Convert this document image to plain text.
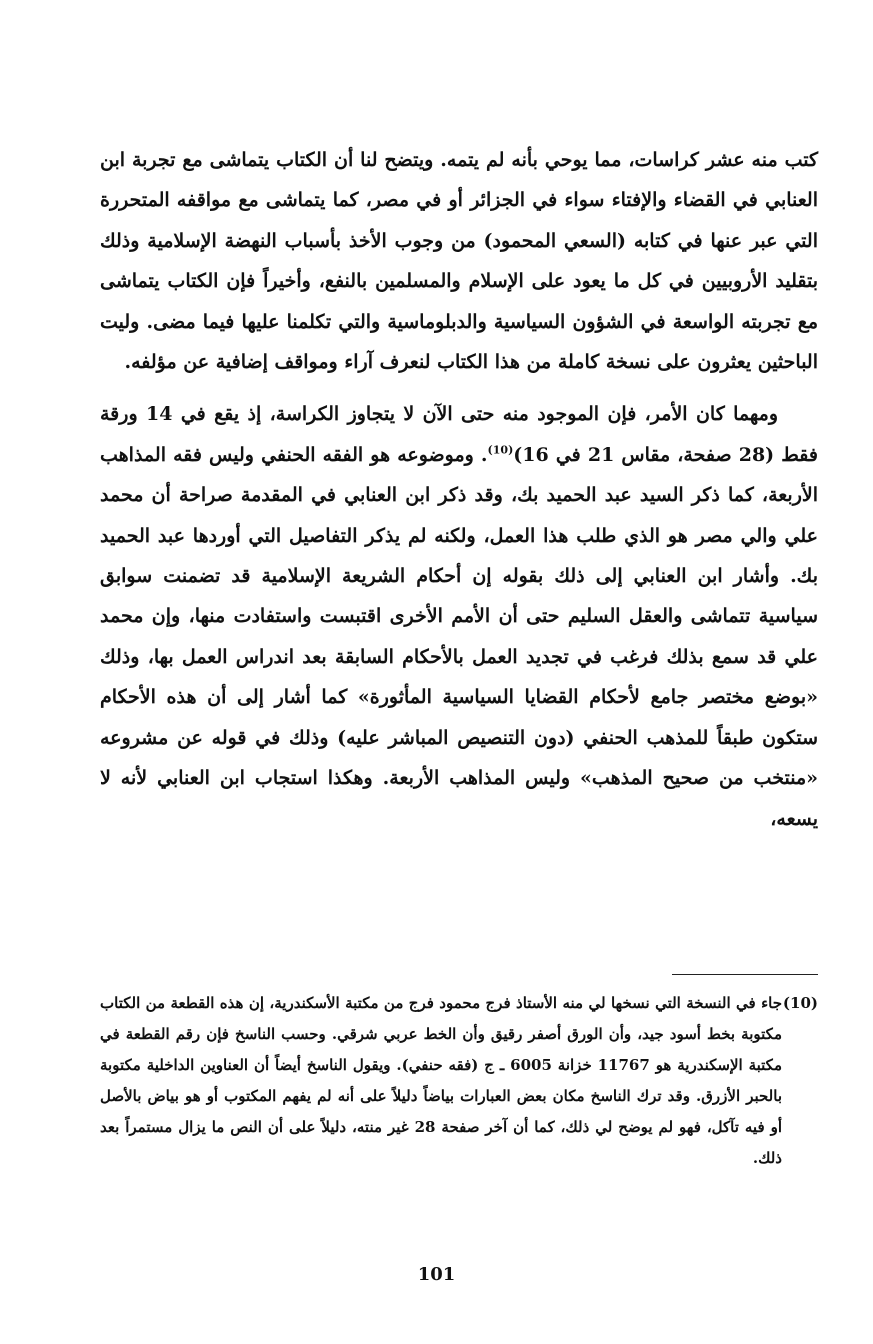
كتب منه عشر كراسات، مما يوحي بأنه لم يتمه. ويتضح لنا أن الكتاب يتماشى مع تجربة ابن العنابي في القضاء والإفتاء سواء في الجزائر أو في مصر، كما يتماشى مع مواقفه المتحررة التي عبر عنها في كتابه (السعي المحمود) من وجوب الأخذ بأسباب النهضة الإسلامية وذلك بتقليد الأروبيين في كل ما يعود على الإسلام والمسلمين بالنفع، وأخيراً فإن الكتاب يتماشى مع تجربته الواسعة في الشؤون السياسية والدبلوماسية والتي تكلمنا عليها فيما مضى. وليت الباحثين يعثرون على نسخة كاملة من هذا الكتاب لنعرف آراء ومواقف إضافية عن مؤلفه.

ومهما كان الأمر، فإن الموجود منه حتى الآن لا يتجاوز الكراسة، إذ يقع في 14 ورقة فقط (28 صفحة، مقاس 21 في 16)$^{(10)}$. وموضوعه هو الفقه الحنفي وليس فقه المذاهب الأربعة، كما ذكر السيد عبد الحميد بك، وقد ذكر ابن العنابي في المقدمة صراحة أن محمد علي والي مصر هو الذي طلب هذا العمل، ولكنه لم يذكر التفاصيل التي أوردها عبد الحميد بك. وأشار ابن العنابي إلى ذلك بقوله إن أحكام الشريعة الإسلامية قد تضمنت سوابق سياسية تتماشى والعقل السليم حتى أن الأمم الأخرى اقتبست واستفادت منها، وإن محمد علي قد سمع بذلك فرغب في تجديد العمل بالأحكام السابقة بعد اندراس العمل بها، وذلك «بوضع مختصر جامع لأحكام القضايا السياسية المأثورة» كما أشار إلى أن هذه الأحكام ستكون طبقاً للمذهب الحنفي (دون التنصيص المباشر عليه) وذلك في قوله عن مشروعه «منتخب من صحيح المذهب» وليس المذاهب الأربعة. وهكذا استجاب ابن العنابي لأنه لا يسعه،

(10)
جاء في النسخة التي نسخها لي منه الأستاذ فرج محمود فرج من مكتبة الأسكندرية، إن هذه القطعة من الكتاب مكتوبة بخط أسود جيد، وأن الورق أصفر رقيق وأن الخط عربي شرقي. وحسب الناسخ فإن رقم القطعة في مكتبة الإسكندرية هو 11767 خزانة 6005 ـ ج (فقه حنفي). ويقول الناسخ أيضاً أن العناوين الداخلية مكتوبة بالحبر الأزرق. وقد ترك الناسخ مكان بعض العبارات بياضاً دليلاً على أنه لم يفهم المكتوب أو هو بياض بالأصل أو فيه تآكل، فهو لم يوضح لي ذلك، كما أن آخر صفحة 28 غير منته، دليلاً على أن النص ما يزال مستمراً بعد ذلك.

101
